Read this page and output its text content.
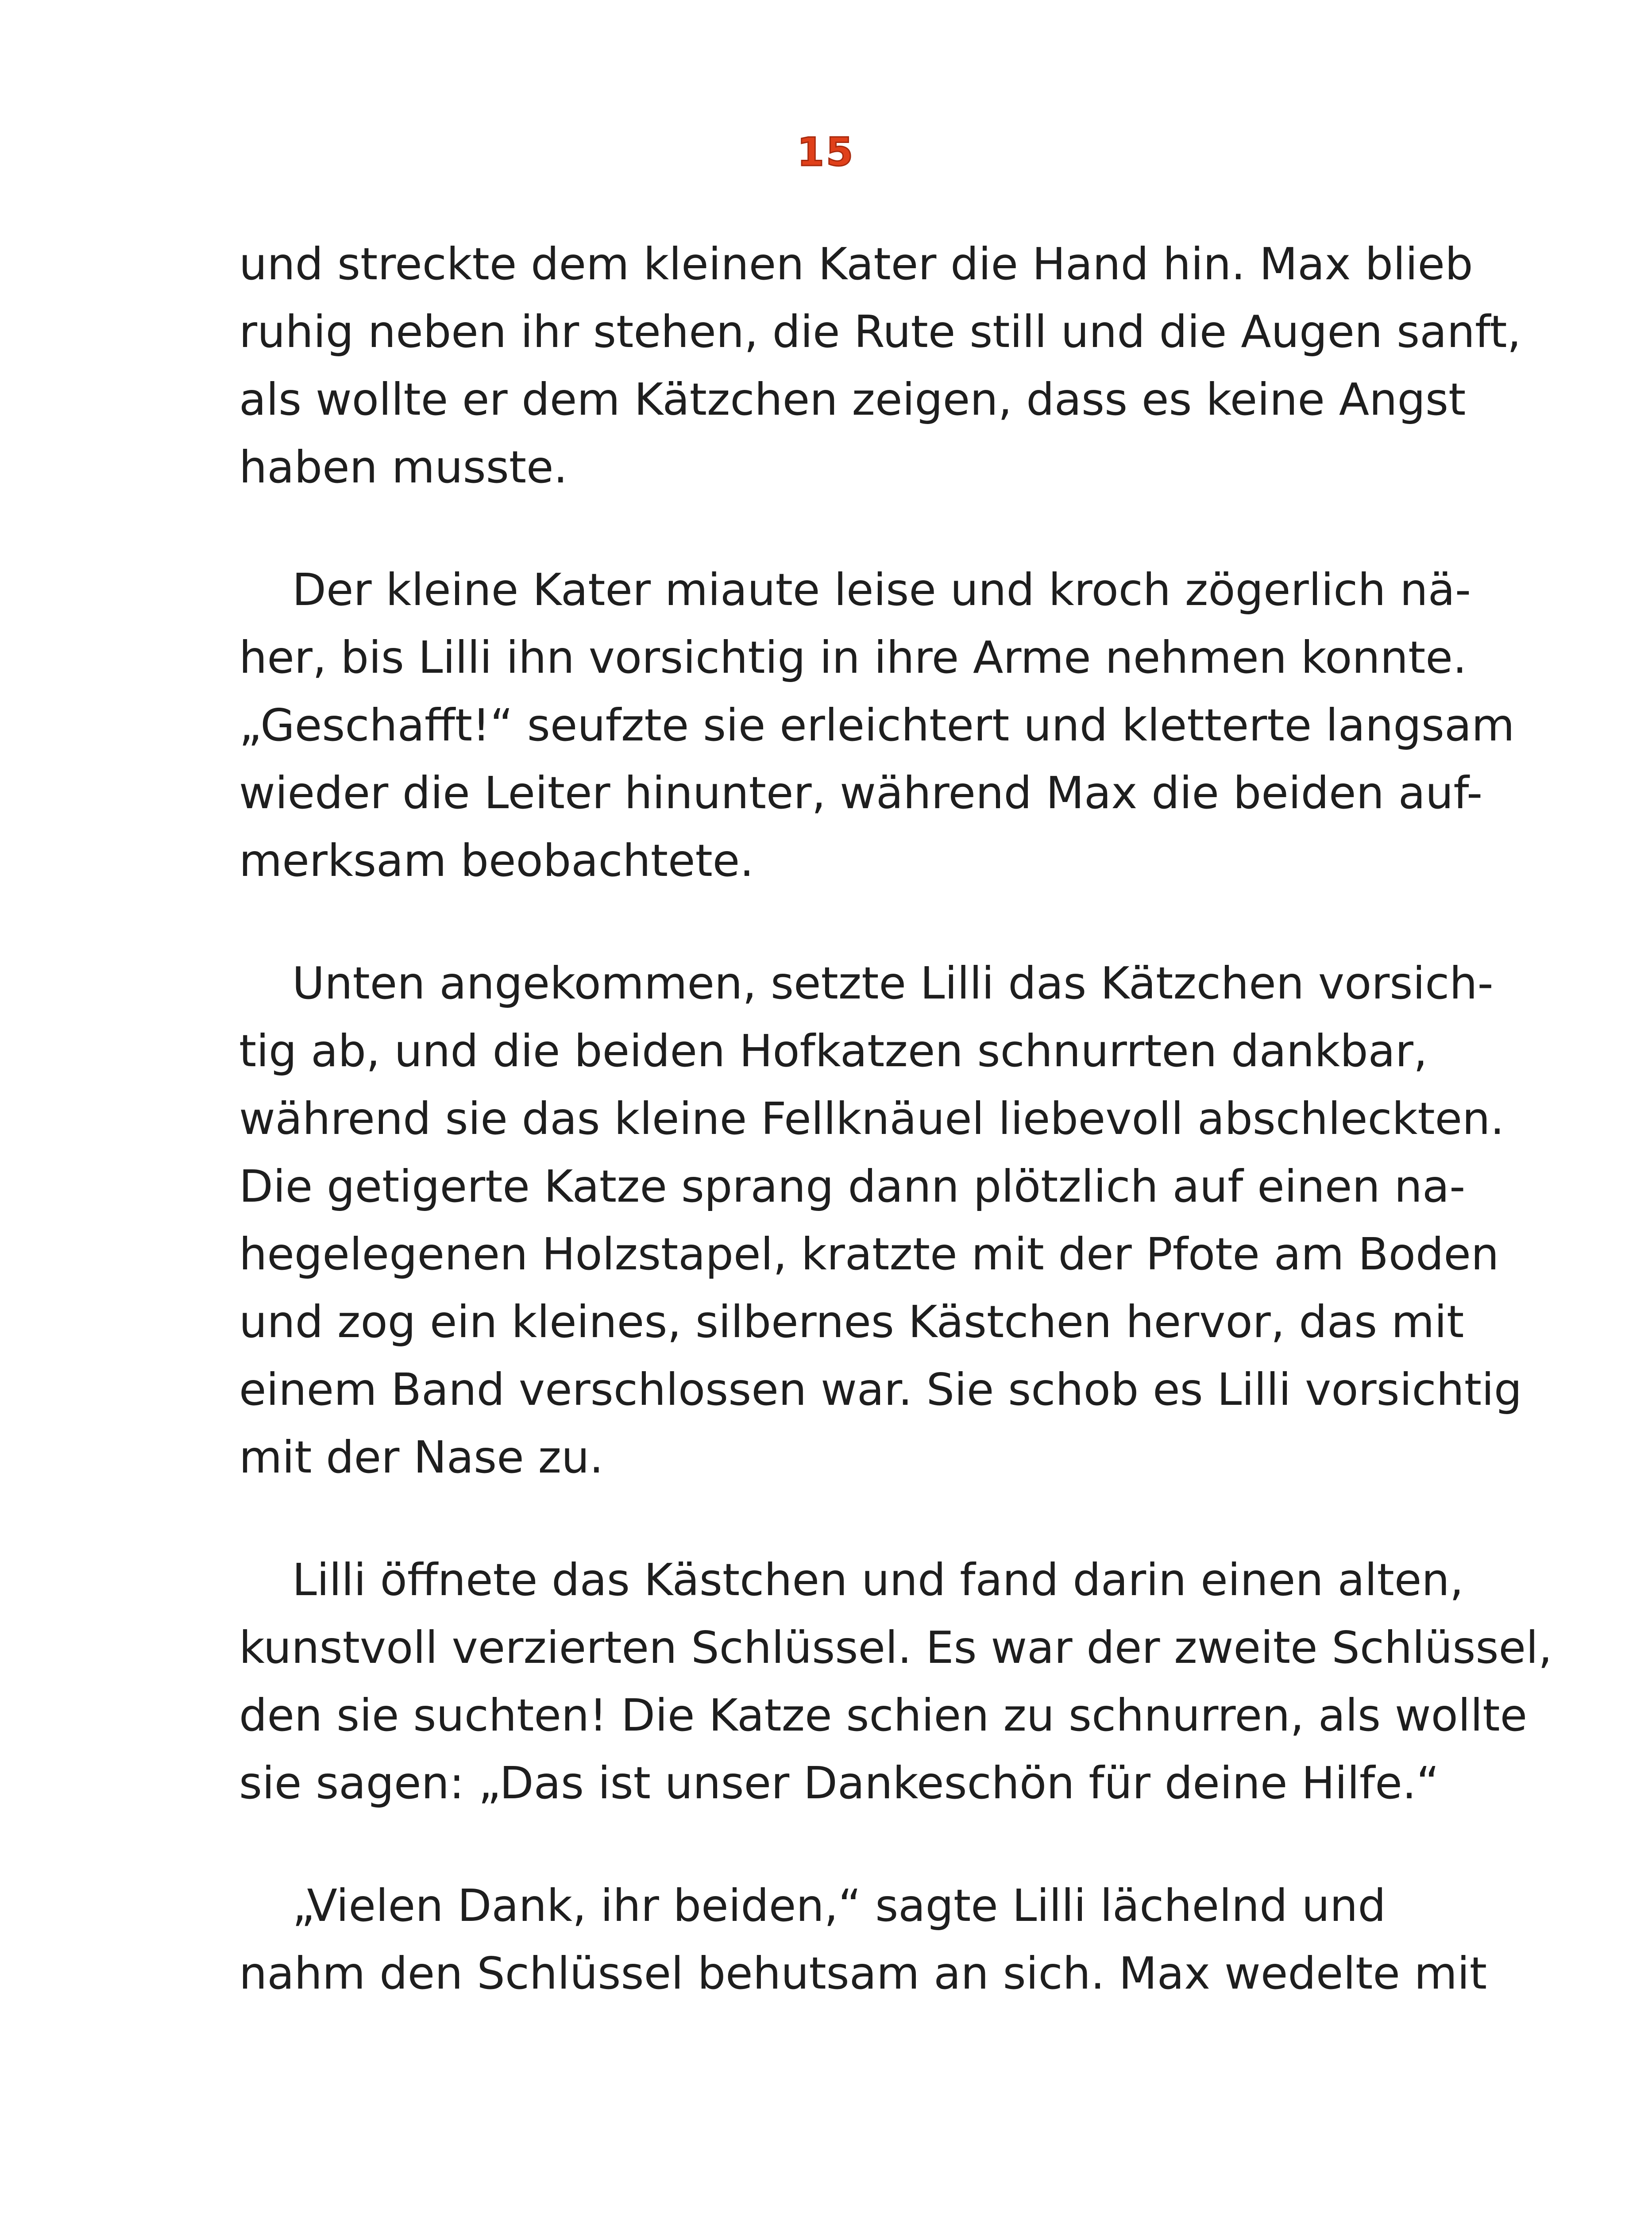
15
und streckte dem kleinen Kater die Hand hin. Max blieb
ruhig neben ihr stehen, die Rute still und die Augen sanft,
als wollte er dem Kätzchen zeigen, dass es keine Angst
haben musste.
Der kleine Kater miaute leise und kroch zögerlich nä-
her, bis Lilli ihn vorsichtig in ihre Arme nehmen konnte.
„Geschafft!“ seufzte sie erleichtert und kletterte langsam
wieder die Leiter hinunter, während Max die beiden auf-
merksam beobachtete.
Unten angekommen, setzte Lilli das Kätzchen vorsich-
tig ab, und die beiden Hofkatzen schnurrten dankbar,
während sie das kleine Fellknäuel liebevoll abschleckten.
Die getigerte Katze sprang dann plötzlich auf einen na-
hegelegenen Holzstapel, kratzte mit der Pfote am Boden
und zog ein kleines, silbernes Kästchen hervor, das mit
einem Band verschlossen war. Sie schob es Lilli vorsichtig
mit der Nase zu.
Lilli öffnete das Kästchen und fand darin einen alten,
kunstvoll verzierten Schlüssel. Es war der zweite Schlüssel,
den sie suchten! Die Katze schien zu schnurren, als wollte
sie sagen: „Das ist unser Dankeschön für deine Hilfe.“
„Vielen Dank, ihr beiden,“ sagte Lilli lächelnd und
nahm den Schlüssel behutsam an sich. Max wedelte mit
